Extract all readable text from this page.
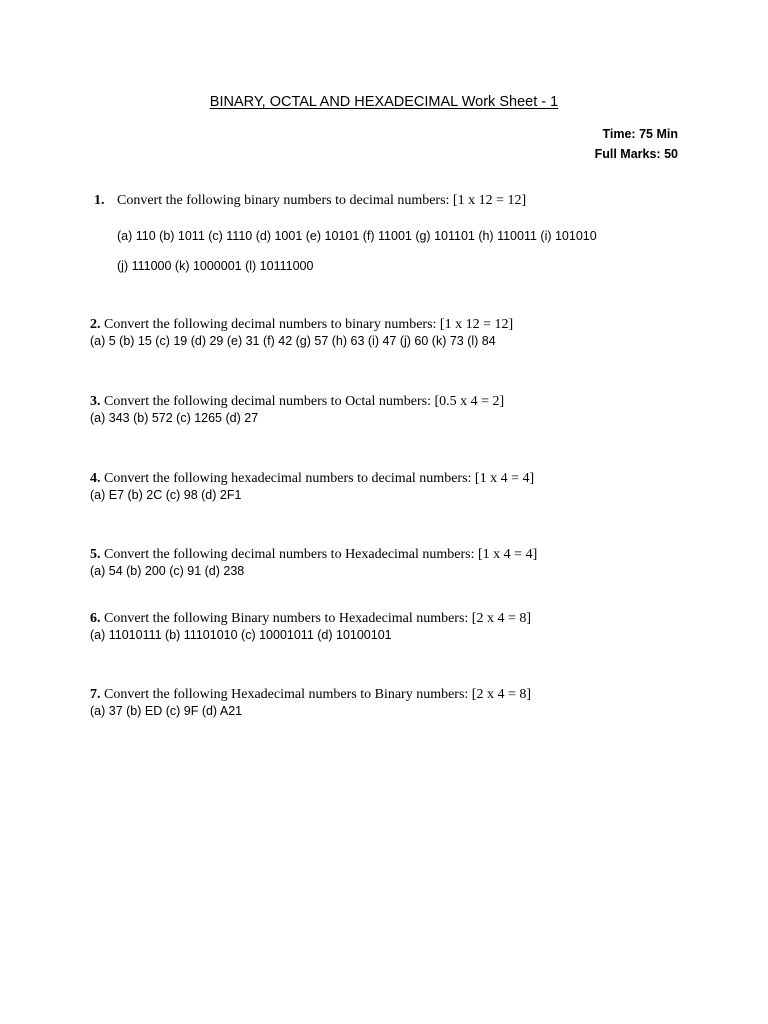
BINARY, OCTAL AND HEXADECIMAL Work Sheet - 1
Time: 75 Min
Full Marks: 50
1. Convert the following binary numbers to decimal numbers: [1 x 12 = 12]
(a) 110 (b) 1011 (c) 1110 (d) 1001 (e) 10101 (f) 11001 (g) 101101 (h) 110011 (i) 101010
(j) 111000 (k) 1000001 (l) 10111000
2. Convert the following decimal numbers to binary numbers: [1 x 12 = 12]
(a) 5 (b) 15 (c) 19 (d) 29 (e) 31 (f) 42 (g) 57 (h) 63 (i) 47 (j) 60 (k) 73 (l) 84
3. Convert the following decimal numbers to Octal numbers: [0.5 x 4 = 2]
(a) 343 (b) 572 (c) 1265 (d) 27
4. Convert the following hexadecimal numbers to decimal numbers: [1 x 4 = 4]
(a) E7 (b) 2C (c) 98 (d) 2F1
5. Convert the following decimal numbers to Hexadecimal numbers: [1 x 4 = 4]
(a) 54 (b) 200 (c) 91 (d) 238
6. Convert the following Binary numbers to Hexadecimal numbers: [2 x 4 = 8]
(a) 11010111 (b) 11101010 (c) 10001011 (d) 10100101
7. Convert the following Hexadecimal numbers to Binary numbers: [2 x 4 = 8]
(a) 37 (b) ED (c) 9F (d) A21
